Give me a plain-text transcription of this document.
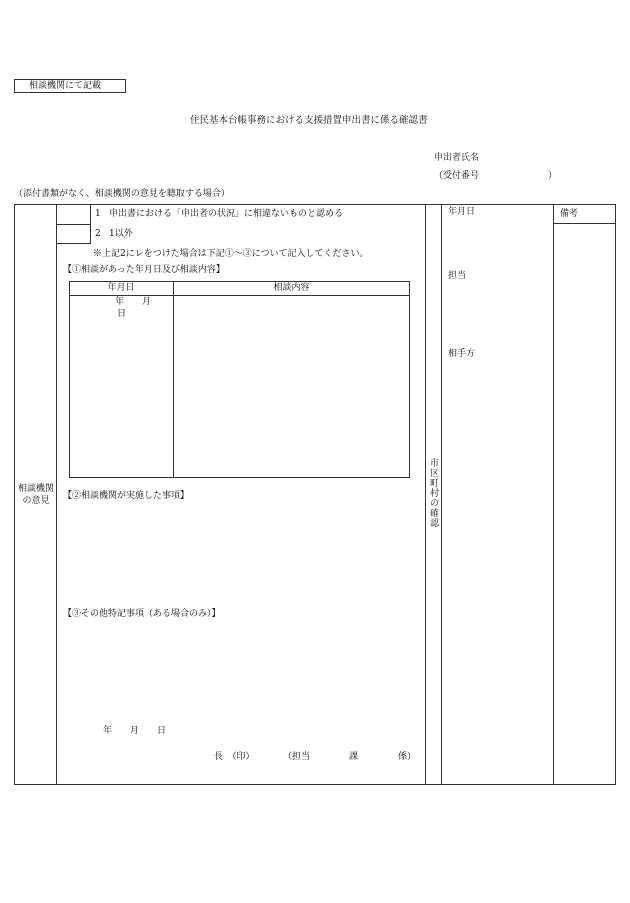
相談機関にて記載
住民基本台帳事務における支援措置申出書に係る確認書
申出者氏名
（受付番号	）
（添付書類がなく、相談機関の意見を聴取する場合）
相談機関の意見
1 申出書における「申出者の状況」に相違ないものと認める
2 1以外
※上記2にレをつけた場合は下記①～③について記入してください。
【①相談があった年月日及び相談内容】
年月日	相談内容
年　　月
日
【②相談機関が実施した事項】
【③その他特記事項（ある場合のみ）】
年　　月　　日
長　（印）	（担当	課	係）
市区町村の確認
年月日
担当
相手方
備考
